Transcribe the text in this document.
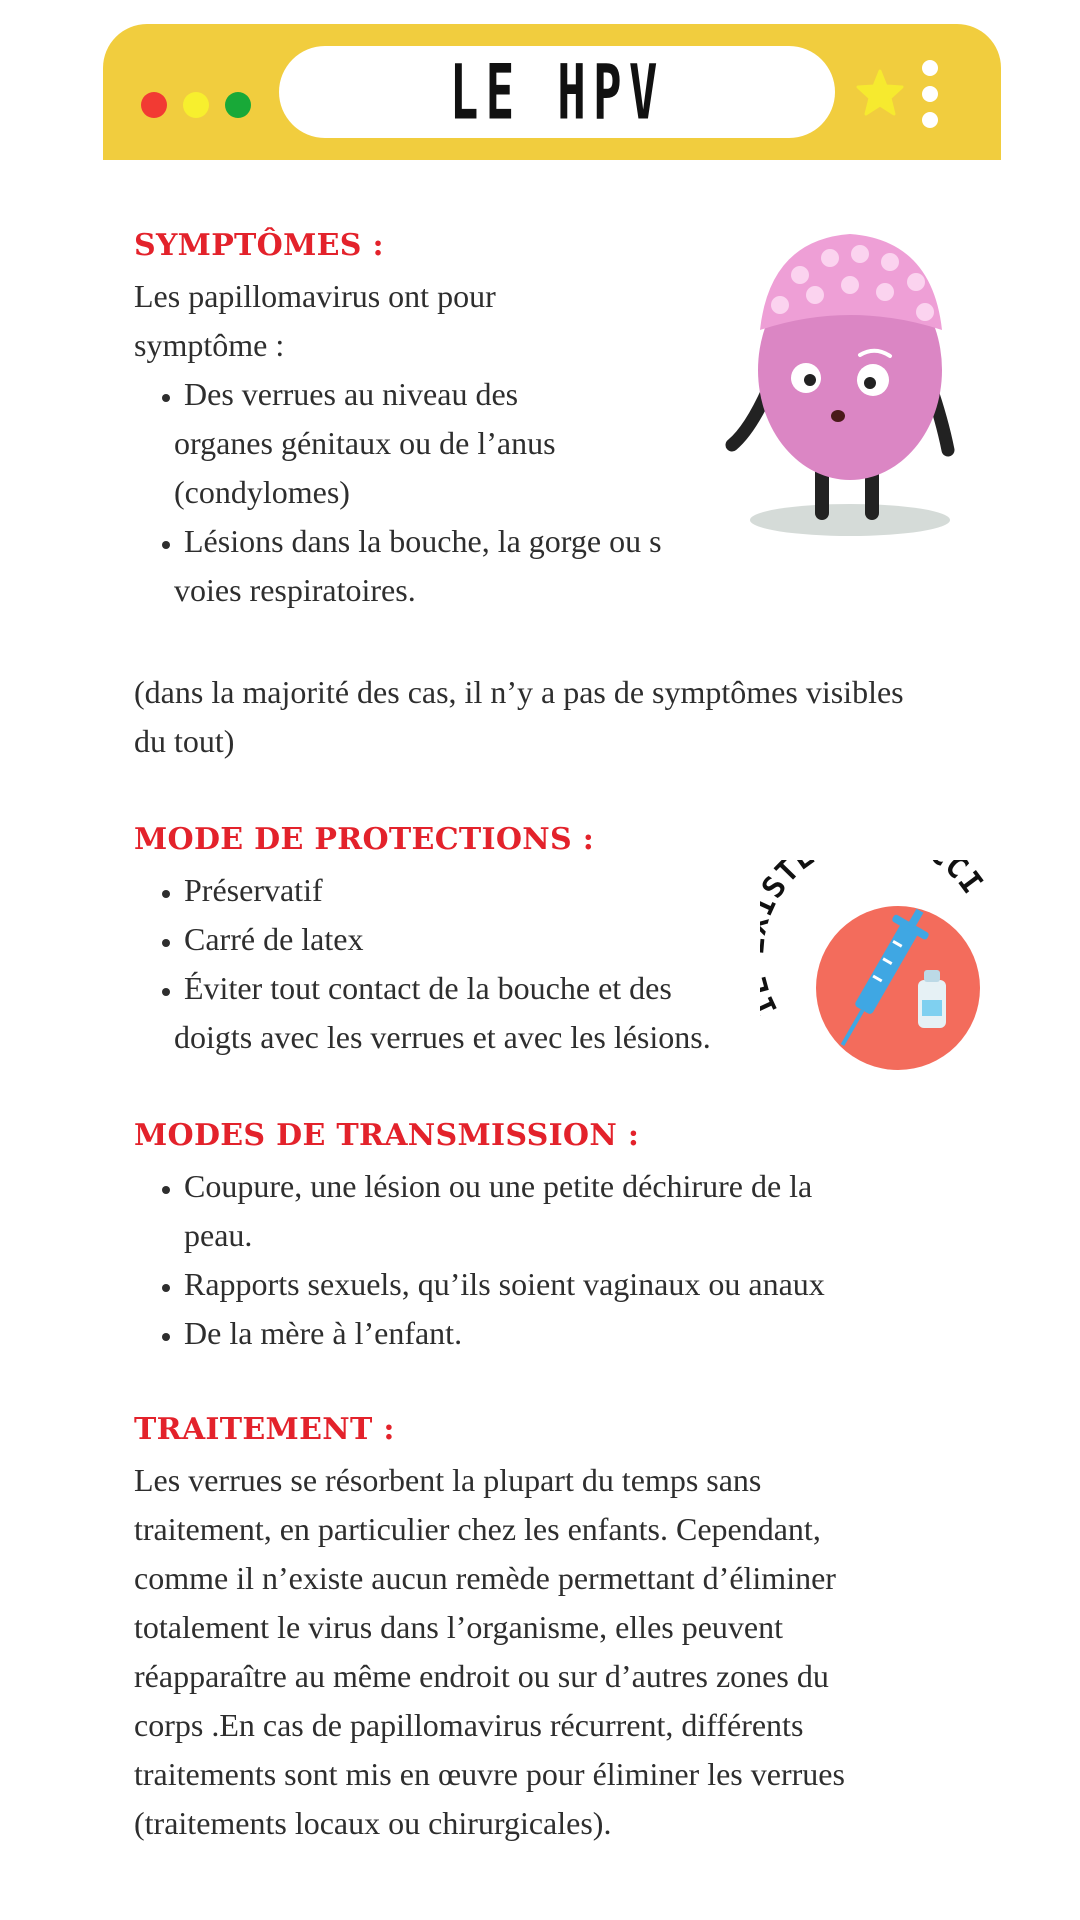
LE HPV
SYMPTÔMES :
Les papillomavirus ont pour
symptôme :
• Des verrues au niveau des
organes génitaux ou de l’anus
(condylomes)
• Lésions dans la bouche, la gorge ou s
voies respiratoires.
(dans la majorité des cas, il n’y a pas de symptômes visibles
du tout)
MODE DE PROTECTIONS :
• Préservatif
• Carré de latex
• Éviter tout contact de la bouche et des
doigts avec les verrues et avec les lésions.
MODES DE TRANSMISSION :
• Coupure, une lésion ou une petite déchirure de la
peau.
• Rapports sexuels, qu’ils soient vaginaux ou anaux
• De la mère à l’enfant.
TRAITEMENT :
Les verrues se résorbent la plupart du temps sans
traitement, en particulier chez les enfants. Cependant,
comme il n’existe aucun remède permettant d’éliminer
totalement le virus dans l’organisme, elles peuvent
réapparaître au même endroit ou sur d’autres zones du
corps .En cas de papillomavirus récurrent, différents
traitements sont mis en œuvre pour éliminer les verrues
(traitements locaux ou chirurgicales).
T CI
